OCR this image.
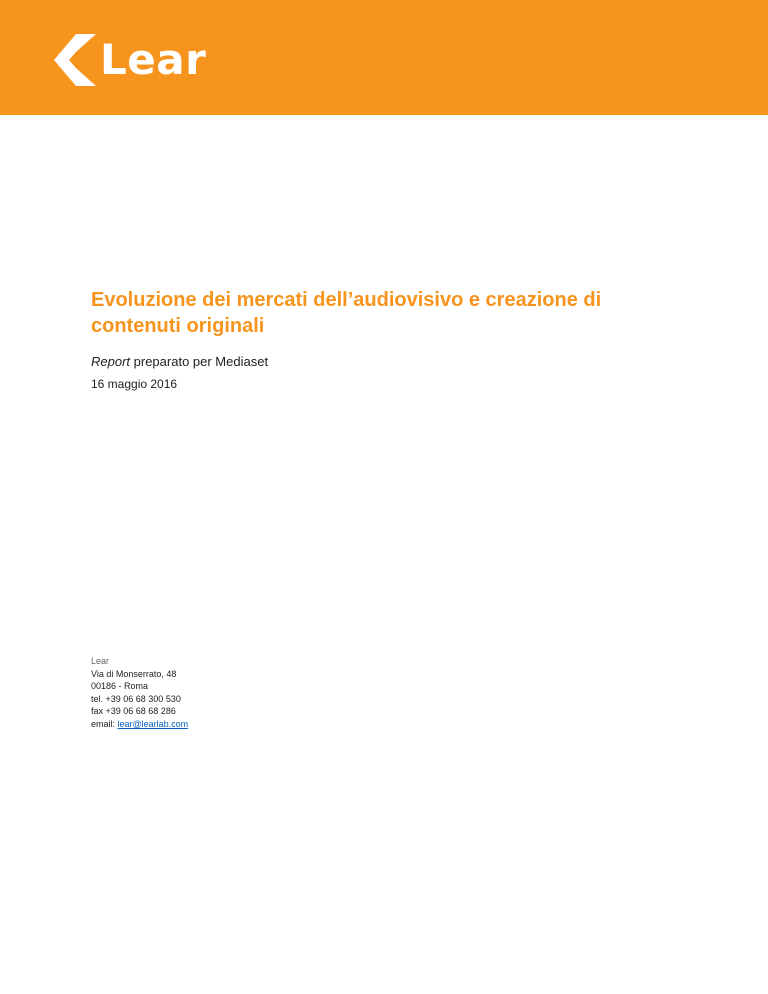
Lear
Evoluzione dei mercati dell’audiovisivo e creazione di contenuti originali

Report preparato per Mediaset

16 maggio 2016

Lear
Via di Monserrato, 48
00186 - Roma
tel. +39 06 68 300 530
fax +39 06 68 68 286
email: lear@learlab.com
